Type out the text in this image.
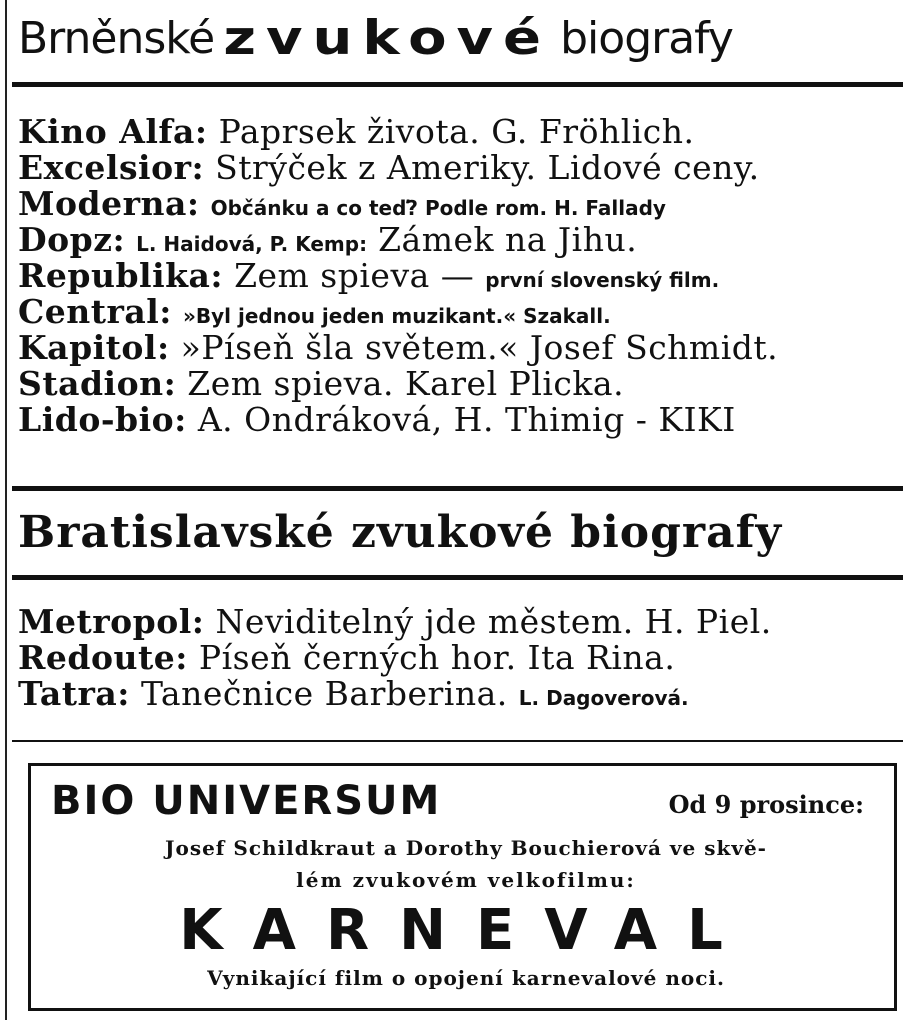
Brněnské zvukové biografy
Kino Alfa: Paprsek života. G. Fröhlich.
Excelsior: Strýček z Ameriky. Lidové ceny.
Moderna: Občánku a co teď? Podle rom. H. Fallady
Dopz: L. Haidová, P. Kemp: Zámek na Jihu.
Republika: Zem spieva — první slovenský film.
Central: »Byl jednou jeden muzikant.« Szakall.
Kapitol: »Píseň šla světem.« Josef Schmidt.
Stadion: Zem spieva. Karel Plicka.
Lido-bio: A. Ondráková, H. Thimig - KIKI
Bratislavské zvukové biografy
Metropol: Neviditelný jde městem. H. Piel.
Redoute: Píseň černých hor. Ita Rina.
Tatra: Tanečnice Barberina. L. Dagoverová.
BIO UNIVERSUM	Od 9 prosince:
Josef Schildkraut a Dorothy Bouchierová ve skvě-
lém zvukovém velkofilmu:
KARNEVAL
Vynikající film o opojení karnevalové noci.
